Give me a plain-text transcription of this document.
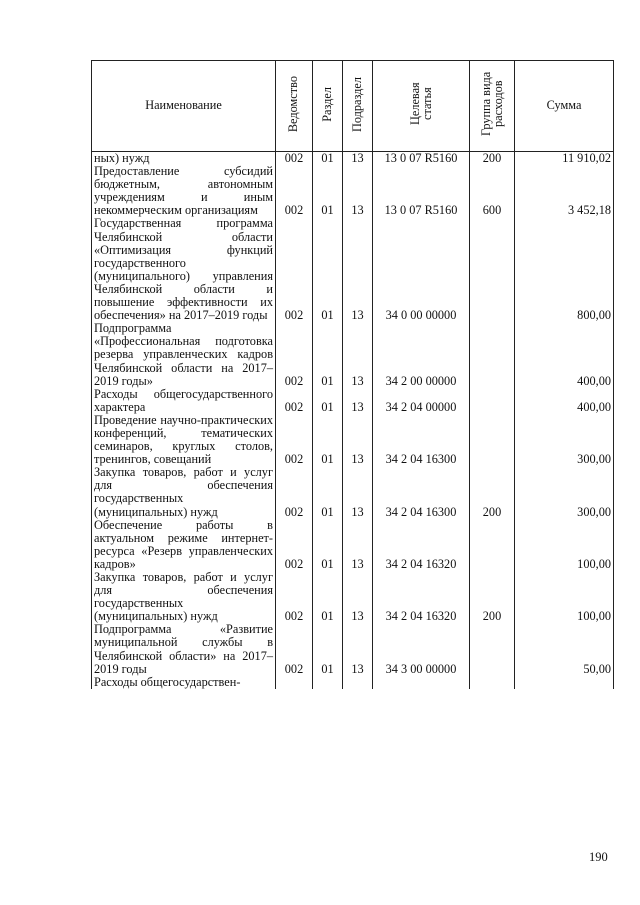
Наименование	Ведомство	Раздел	Подраздел	Целевая статья	Группа вида расходов	Сумма
ных) нужд	002	01	13	13 0 07 R5160	200	11 910,02
Предоставление субсидий бюджетным, автономным учреждениям и иным некоммерческим организациям	002	01	13	13 0 07 R5160	600	3 452,18
Государственная программа Челябинской области «Оптимизация функций государственного (муниципального) управления Челябинской области и повышение эффективности их обеспечения» на 2017–2019 годы	002	01	13	34 0 00 00000		800,00
Подпрограмма «Профессиональная подготовка резерва управленческих кадров Челябинской области на 2017–2019 годы»	002	01	13	34 2 00 00000		400,00
Расходы общегосударственного характера	002	01	13	34 2 04 00000		400,00
Проведение научно-практических конференций, тематических семинаров, круглых столов, тренингов, совещаний	002	01	13	34 2 04 16300		300,00
Закупка товаров, работ и услуг для обеспечения государственных (муниципальных) нужд	002	01	13	34 2 04 16300	200	300,00
Обеспечение работы в актуальном режиме интернет-ресурса «Резерв управленческих кадров»	002	01	13	34 2 04 16320		100,00
Закупка товаров, работ и услуг для обеспечения государственных (муниципальных) нужд	002	01	13	34 2 04 16320	200	100,00
Подпрограмма «Развитие муниципальной службы в Челябинской области» на 2017–2019 годы	002	01	13	34 3 00 00000		50,00
Расходы общегосударствен-						
190
